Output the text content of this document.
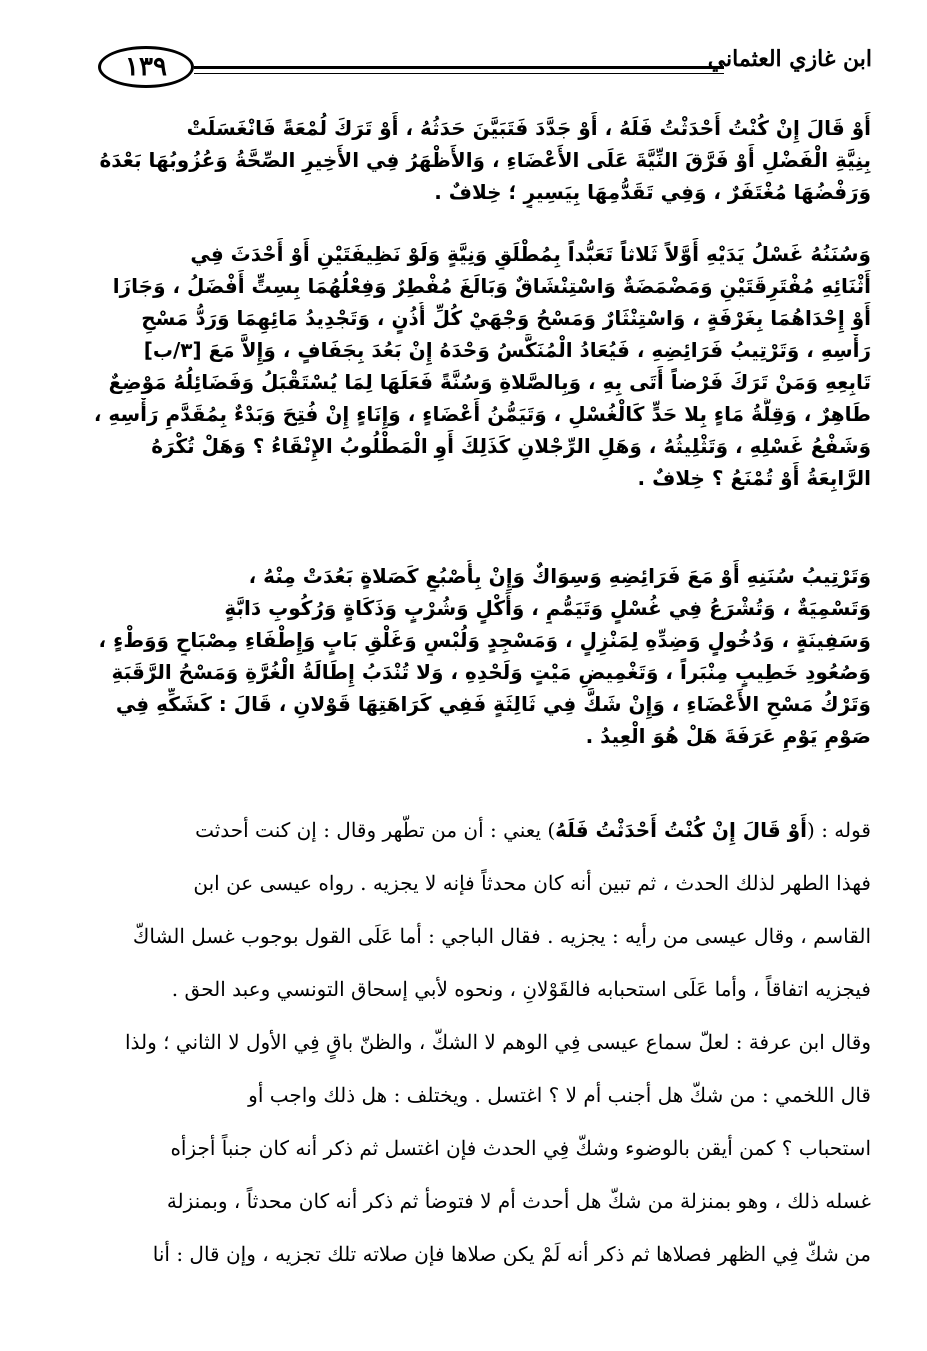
١٣٩	ابن غازي العثماني

أَوْ قَالَ إِنْ كُنْتُ أَحْدَثْتُ فَلَهُ ، أَوْ جَدَّدَ فَتَبَيَّنَ حَدَثُهُ ، أَوْ تَرَكَ لُمْعَةً فَانْغَسَلَتْ

بِنِيَّةِ الْفَضْلِ أَوْ فَرَّقَ النِّيَّةَ عَلَى الأَعْضَاءِ ، وَالأَظْهَرُ فِي الأَخِيرِ الصِّحَّةُ وَعُزُوبُهَا بَعْدَهُ

وَرَفْضُهَا مُغْتَفَرٌ ، وَفِي تَقَدُّمِهَا بِيَسِيرٍ ؛ خِلافٌ .

وَسُنَنُهُ غَسْلُ يَدَيْهِ أَوَّلاً ثَلاثاً تَعَبُّداً بِمُطْلَقٍ وَنِيَّةٍ وَلَوْ نَظِيفَتَيْنِ أَوْ أَحْدَثَ فِي

أَثْنَائِهِ مُفْتَرِقَتَيْنِ وَمَضْمَضَةٌ وَاسْتِنْشَاقٌ وَبَالَغَ مُفْطِرٌ وَفِعْلُهُمَا بِسِتٍّ أَفْضَلُ ، وَجَازَا

أَوْ إِحْدَاهُمَا بِغَرْفَةٍ ، وَاسْتِنْثَارٌ وَمَسْحُ وَجْهَيْ كُلِّ أُذُنٍ ، وَتَجْدِيدُ مَائِهِمَا وَرَدُّ مَسْحِ

رَأْسِهِ ، وَتَرْتِيبُ فَرَائِضِهِ ، فَيُعَادُ الْمُنَكَّسُ وَحْدَهُ إِنْ بَعُدَ بِجَفَافٍ ، وَإِلاَّ مَعَ [٣/ب]

تَابِعِهِ وَمَنْ تَرَكَ فَرْضاً أَتَى بِهِ ، وَبِالصَّلاةِ وَسُنَّةً فَعَلَهَا لِمَا يُسْتَقْبَلُ وَفَضَائِلُهُ مَوْضِعٌ

طَاهِرٌ ، وَقِلَّةُ مَاءٍ بِلا حَدٍّ كَالْغُسْلِ ، وَتَيَمُّنُ أَعْضَاءٍ ، وَإِنَاءٍ إِنْ فُتِحَ وَبَدْءٌ بِمُقَدَّمِ رَأْسِهِ ،

وَشَفْعُ غَسْلِهِ ، وَتَثْلِيثُهُ ، وَهَلِ الرِّجْلانِ كَذَلِكَ أَوِ الْمَطْلُوبُ الإِنْقَاءُ ؟ وَهَلْ تُكْرَهُ

الرَّابِعَةُ أَوْ تُمْنَعُ ؟ خِلافٌ .

وَتَرْتِيبُ سُنَنِهِ أَوْ مَعَ فَرَائِضِهِ وَسِوَاكٌ وَإِنْ بِأُصْبُعٍ كَصَلاةٍ بَعُدَتْ مِنْهُ ،

وَتَسْمِيَةٌ ، وَتُشْرَعُ فِي غُسْلٍ وَتَيَمُّمٍ ، وَأَكْلٍ وَشُرْبٍ وَذَكَاةٍ وَرُكُوبِ دَابَّةٍ

وَسَفِينَةٍ ، وَدُخُولٍ وَضِدِّهِ لِمَنْزِلٍ ، وَمَسْجِدٍ وَلُبْسٍ وَغَلْقِ بَابٍ وَإِطْفَاءِ مِصْبَاحٍ وَوَطْءٍ ،

وَصُعُودِ خَطِيبٍ مِنْبَراً ، وَتَغْمِيضِ مَيْتٍ وَلَحْدِهِ ، وَلا تُنْدَبُ إِطَالَةُ الْغُرَّةِ وَمَسْحُ الرَّقَبَةِ

وَتَرْكُ مَسْحِ الأَعْضَاءِ ، وَإِنْ شَكَّ فِي ثَالِثَةٍ فَفِي كَرَاهَتِهَا قَوْلانِ ، قَالَ : كَشَكِّهِ فِي

صَوْمِ يَوْمِ عَرَفَةَ هَلْ هُوَ الْعِيدُ .

قوله : (أَوْ قَالَ إِنْ كُنْتُ أَحْدَثْتُ فَلَهُ) يعني : أن من تطّهر وقال : إن كنت أحدثت

فهذا الطهر لذلك الحدث ، ثم تبين أنه كان محدثاً فإنه لا يجزيه . رواه عيسى عن ابن

القاسم ، وقال عيسى من رأيه : يجزيه . فقال الباجي : أما عَلَى القول بوجوب غسل الشاكّ

فيجزيه اتفاقاً ، وأما عَلَى استحبابه فالقَوْلانِ ، ونحوه لأبي إسحاق التونسي وعبد الحق .

وقال ابن عرفة : لعلّ سماع عيسى فِي الوهم لا الشكّ ، والظنّ باقٍ فِي الأول لا الثاني ؛ ولذا

قال اللخمي : من شكّ هل أجنب أم لا ؟ اغتسل . ويختلف : هل ذلك واجب أو

استحباب ؟ كمن أيقن بالوضوء وشكّ فِي الحدث فإن اغتسل ثم ذكر أنه كان جنباً أجزأه

غسله ذلك ، وهو بمنزلة من شكّ هل أحدث أم لا فتوضأ ثم ذكر أنه كان محدثاً ، وبمنزلة

من شكّ فِي الظهر فصلاها ثم ذكر أنه لَمْ يكن صلاها فإن صلاته تلك تجزيه ، وإن قال : أنا
